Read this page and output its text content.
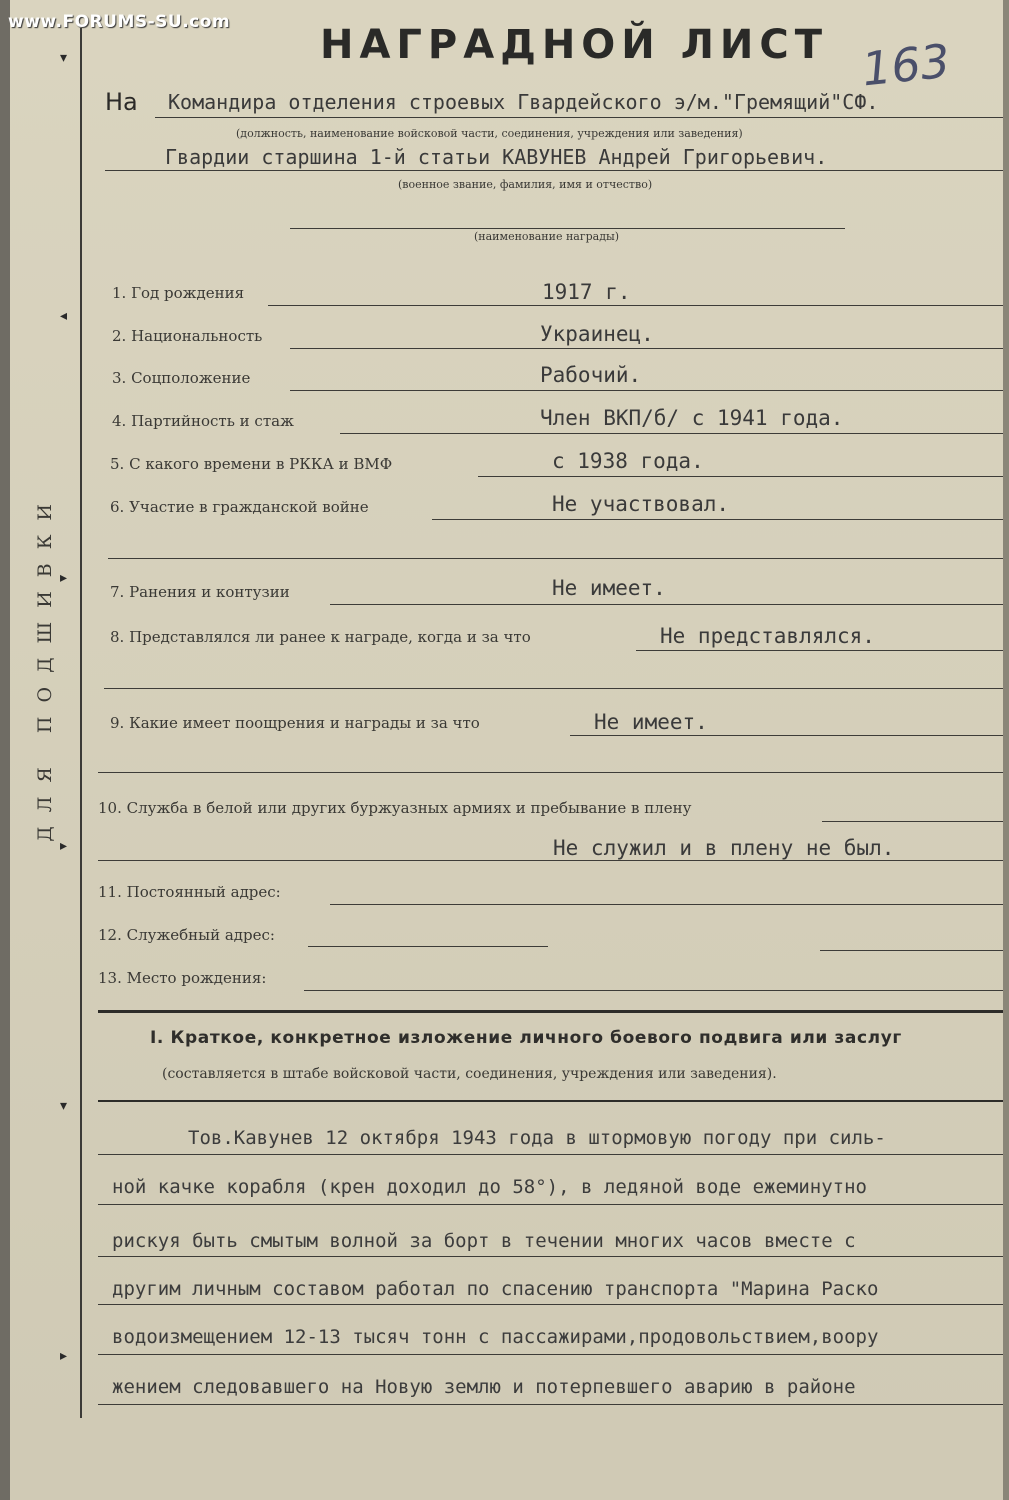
▾
◂
▸
▸
▾
▸
www.FORUMS-SU.com НАГРАДНОЙ ЛИСТ 163
На Командира отделения строевых Гвардейского э/м."Гремящий"СФ.
(должность, наименование войсковой части, соединения, учреждения или заведения)
Гвардии старшина 1-й статьи КАВУНЕВ Андрей Григорьевич.
(военное звание, фамилия, имя и отчество)
(наименование награды)
1. Год рождения	1917 г.
2. Национальность	Украинец.
3. Соцположение	Рабочий.
4. Партийность и стаж	Член ВКП/б/ с 1941 года.
5. С какого времени в РККА и ВМФ	с 1938 года.
6. Участие в гражданской войне	Не участвовал.
7. Ранения и контузии	Не имеет.
8. Представлялся ли ранее к награде, когда и за что	Не представлялся.
9. Какие имеет поощрения и награды и за что	Не имеет.
10. Служба в белой или других буржуазных армиях и пребывание в плену
Не служил и в плену не был.
11. Постоянный адрес:
12. Служебный адрес:
13. Место рождения:
ДЛЯ ПОДШИВКИ
I. Краткое, конкретное изложение личного боевого подвига или заслуг
(составляется в штабе войсковой части, соединения, учреждения или заведения).
Тов.Кавунев 12 октября 1943 года в штормовую погоду при силь-
ной качке корабля (крен доходил до 58°), в ледяной воде ежеминутно
рискуя быть смытым волной за борт в течении многих часов вместе с
другим личным составом работал по спасению транспорта "Марина Раско
водоизмещением 12-13 тысяч тонн с пассажирами,продовольствием,воору
жением следовавшего на Новую землю и потерпевшего аварию в районе
